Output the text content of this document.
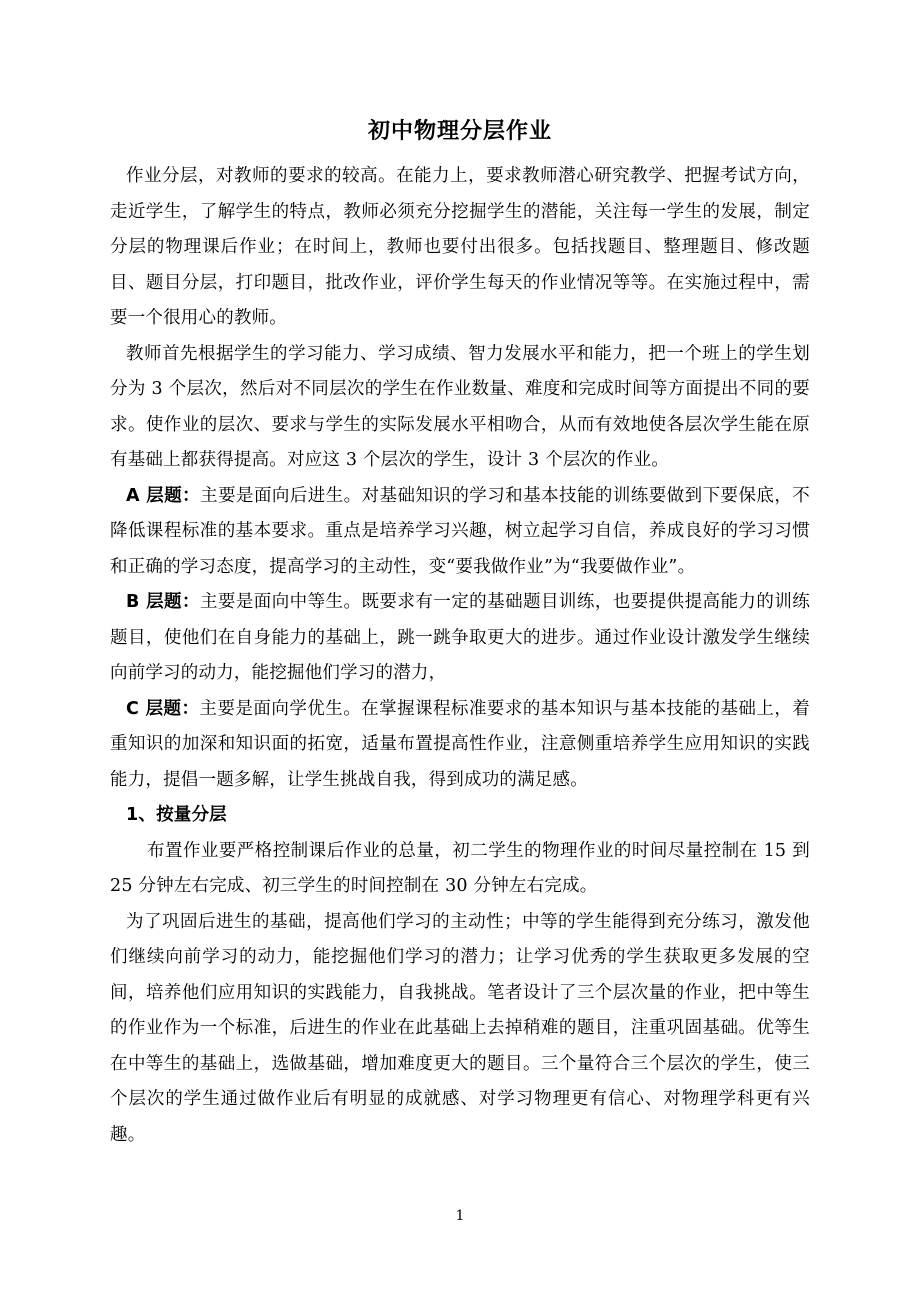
初中物理分层作业

作业分层，对教师的要求的较高。在能力上，要求教师潜心研究教学、把握考试方向，走近学生，了解学生的特点，教师必须充分挖掘学生的潜能，关注每一学生的发展，制定分层的物理课后作业；在时间上，教师也要付出很多。包括找题目、整理题目、修改题目、题目分层，打印题目，批改作业，评价学生每天的作业情况等等。在实施过程中，需要一个很用心的教师。

教师首先根据学生的学习能力、学习成绩、智力发展水平和能力，把一个班上的学生划分为 3 个层次，然后对不同层次的学生在作业数量、难度和完成时间等方面提出不同的要求。使作业的层次、要求与学生的实际发展水平相吻合，从而有效地使各层次学生能在原有基础上都获得提高。对应这 3 个层次的学生，设计 3 个层次的作业。

A 层题：主要是面向后进生。对基础知识的学习和基本技能的训练要做到下要保底，不降低课程标准的基本要求。重点是培养学习兴趣，树立起学习自信，养成良好的学习习惯和正确的学习态度，提高学习的主动性，变“要我做作业”为“我要做作业”。

B 层题：主要是面向中等生。既要求有一定的基础题目训练，也要提供提高能力的训练题目，使他们在自身能力的基础上，跳一跳争取更大的进步。通过作业设计激发学生继续向前学习的动力，能挖掘他们学习的潜力，

C 层题：主要是面向学优生。在掌握课程标准要求的基本知识与基本技能的基础上，着重知识的加深和知识面的拓宽，适量布置提高性作业，注意侧重培养学生应用知识的实践能力，提倡一题多解，让学生挑战自我，得到成功的满足感。

1、按量分层

布置作业要严格控制课后作业的总量，初二学生的物理作业的时间尽量控制在 15 到 25 分钟左右完成、初三学生的时间控制在 30 分钟左右完成。

为了巩固后进生的基础，提高他们学习的主动性；中等的学生能得到充分练习，激发他们继续向前学习的动力，能挖掘他们学习的潜力；让学习优秀的学生获取更多发展的空间，培养他们应用知识的实践能力，自我挑战。笔者设计了三个层次量的作业，把中等生的作业作为一个标准，后进生的作业在此基础上去掉稍难的题目，注重巩固基础。优等生在中等生的基础上，选做基础，增加难度更大的题目。三个量符合三个层次的学生，使三个层次的学生通过做作业后有明显的成就感、对学习物理更有信心、对物理学科更有兴趣。

1
